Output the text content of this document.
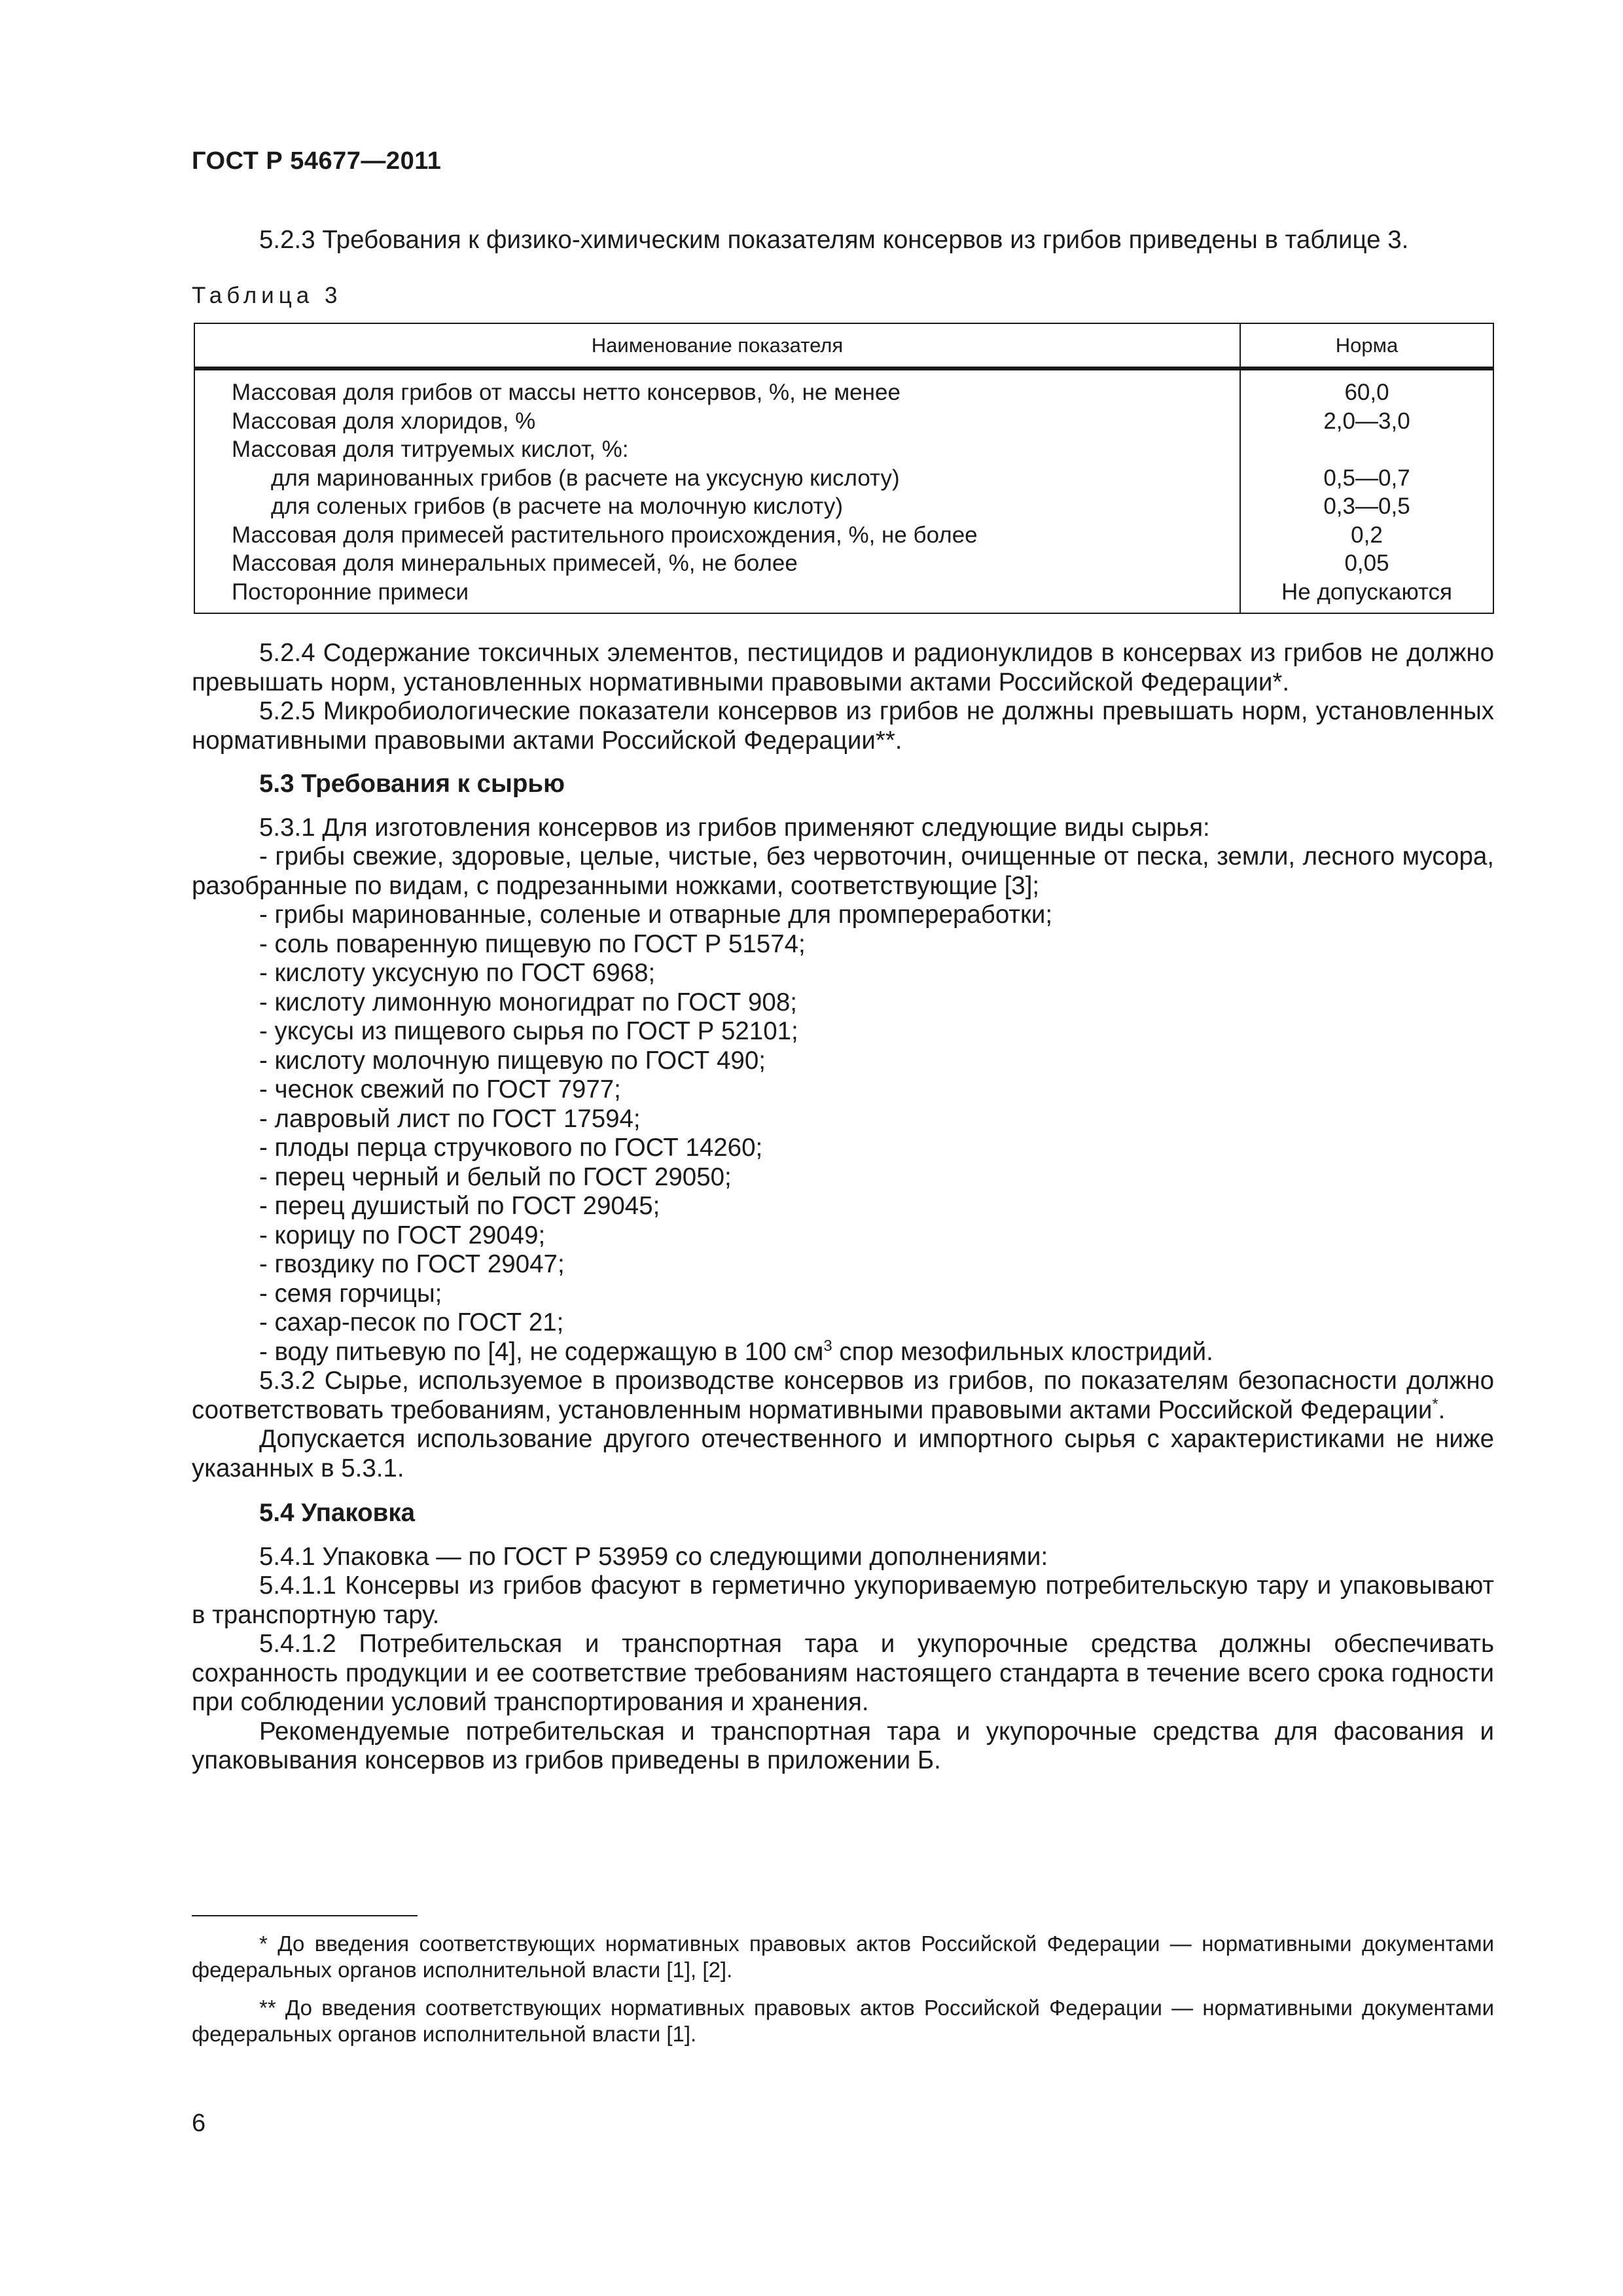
ГОСТ Р 54677—2011

5.2.3 Требования к физико-химическим показателям консервов из грибов приведены в таблице 3.

Таблица 3
Наименование показателя	Норма
Массовая доля грибов от массы нетто консервов, %, не менее	60,0
Массовая доля хлоридов, %	2,0—3,0
Массовая доля титруемых кислот, %:	
для маринованных грибов (в расчете на уксусную кислоту)	0,5—0,7
для соленых грибов (в расчете на молочную кислоту)	0,3—0,5
Массовая доля примесей растительного происхождения, %, не более	0,2
Массовая доля минеральных примесей, %, не более	0,05
Посторонние примеси	Не допускаются

5.2.4 Содержание токсичных элементов, пестицидов и радионуклидов в консервах из грибов не должно превышать норм, установленных нормативными правовыми актами Российской Федерации*.

5.2.5 Микробиологические показатели консервов из грибов не должны превышать норм, установленных нормативными правовыми актами Российской Федерации**.

5.3 Требования к сырью

5.3.1 Для изготовления консервов из грибов применяют следующие виды сырья:

- грибы свежие, здоровые, целые, чистые, без червоточин, очищенные от песка, земли, лесного мусора, разобранные по видам, с подрезанными ножками, соответствующие [3];

- грибы маринованные, соленые и отварные для промпереработки;

- соль поваренную пищевую по ГОСТ Р 51574;

- кислоту уксусную по ГОСТ 6968;

- кислоту лимонную моногидрат по ГОСТ 908;

- уксусы из пищевого сырья по ГОСТ Р 52101;

- кислоту молочную пищевую по ГОСТ 490;

- чеснок свежий по ГОСТ 7977;

- лавровый лист по ГОСТ 17594;

- плоды перца стручкового по ГОСТ 14260;

- перец черный и белый по ГОСТ 29050;

- перец душистый по ГОСТ 29045;

- корицу по ГОСТ 29049;

- гвоздику по ГОСТ 29047;

- семя горчицы;

- сахар-песок по ГОСТ 21;

- воду питьевую по [4], не содержащую в 100 $см^3$ спор мезофильных клостридий.

5.3.2 Сырье, используемое в производстве консервов из грибов, по показателям безопасности должно соответствовать требованиям, установленным нормативными правовыми актами Российской Федерации*.

Допускается использование другого отечественного и импортного сырья с характеристиками не ниже указанных в 5.3.1.

5.4 Упаковка

5.4.1 Упаковка — по ГОСТ Р 53959 со следующими дополнениями:

5.4.1.1 Консервы из грибов фасуют в герметично укупориваемую потребительскую тару и упаковывают в транспортную тару.

5.4.1.2 Потребительская и транспортная тара и укупорочные средства должны обеспечивать сохранность продукции и ее соответствие требованиям настоящего стандарта в течение всего срока годности при соблюдении условий транспортирования и хранения.

Рекомендуемые потребительская и транспортная тара и укупорочные средства для фасования и упаковывания консервов из грибов приведены в приложении Б.

* До введения соответствующих нормативных правовых актов Российской Федерации — нормативными документами федеральных органов исполнительной власти [1], [2].

** До введения соответствующих нормативных правовых актов Российской Федерации — нормативными документами федеральных органов исполнительной власти [1].

6
